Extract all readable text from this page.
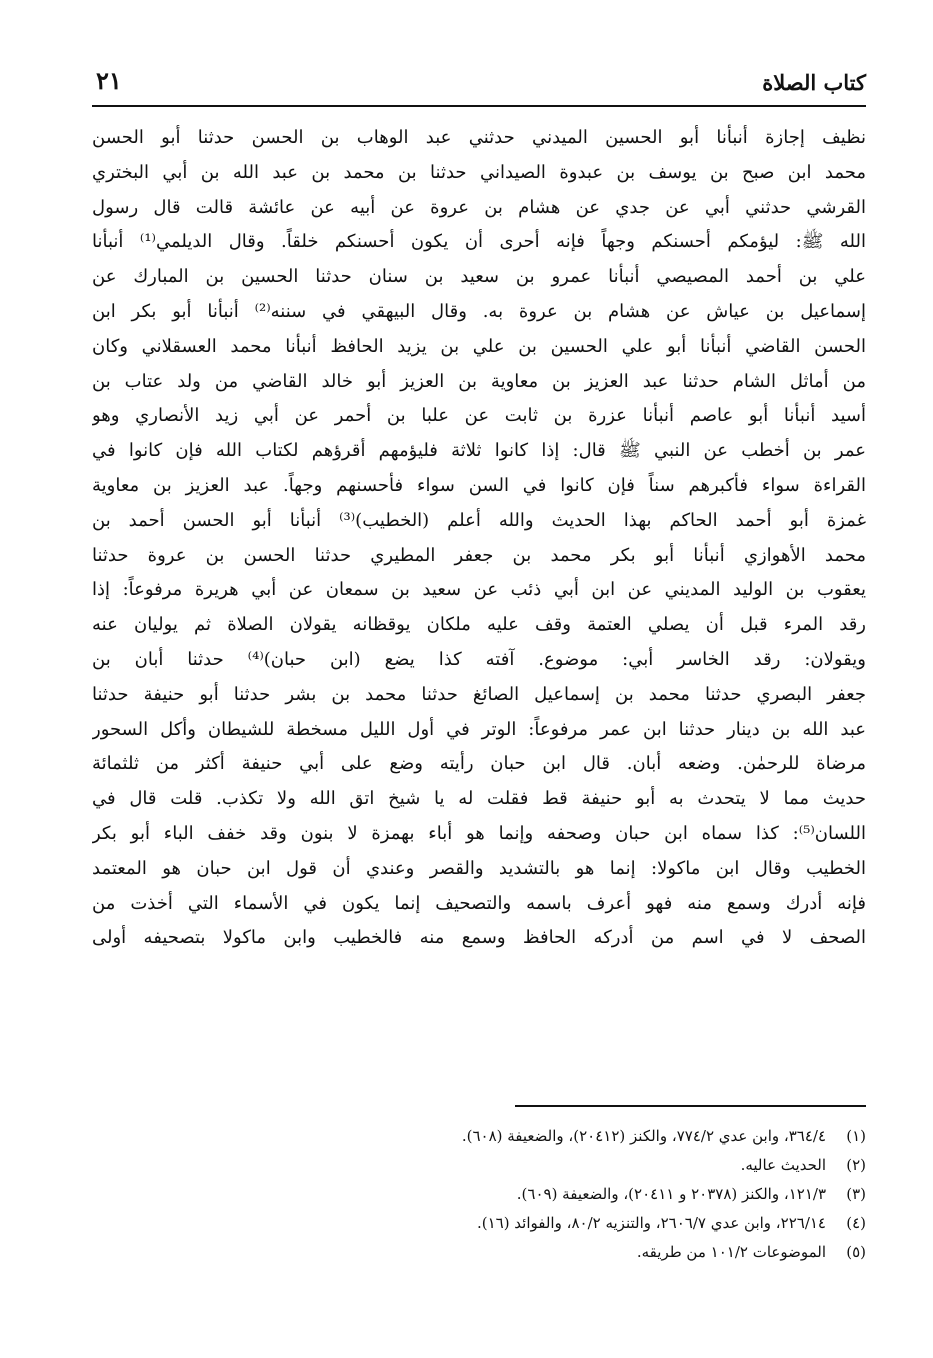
كتاب الصلاة
٢١
نظيف إجازة أنبأنا أبو الحسين الميدني حدثني عبد الوهاب بن الحسن حدثنا أبو الحسن
محمد ابن صبح بن يوسف بن عبدوة الصيداني حدثنا بن محمد بن عبد الله بن أبي البختري
القرشي حدثني أبي عن جدي عن هشام بن عروة عن أبيه عن عائشة قالت قال رسول
الله ﷺ: ليؤمكم أحسنكم وجهاً فإنه أحرى أن يكون أحسنكم خلقاً. وقال الديلمي⁽¹⁾ أنبأنا
علي بن أحمد المصيصي أنبأنا عمرو بن سعيد بن سنان حدثنا الحسين بن المبارك عن
إسماعيل بن عياش عن هشام بن عروة به. وقال البيهقي في سننه⁽²⁾ أنبأنا أبو بكر ابن
الحسن القاضي أنبأنا أبو علي الحسين بن علي بن يزيد الحافظ أنبأنا محمد العسقلاني وكان
من أماثل الشام حدثنا عبد العزيز بن معاوية بن العزيز أبو خالد القاضي من ولد عتاب بن
أسيد أنبأنا أبو عاصم أنبأنا عزرة بن ثابت عن علبا بن أحمر عن أبي زيد الأنصاري وهو
عمر بن أخطب عن النبي ﷺ قال: إذا كانوا ثلاثة فليؤمهم أقرؤهم لكتاب الله فإن كانوا في
القراءة سواء فأكبرهم سناً فإن كانوا في السن سواء فأحسنهم وجهاً. عبد العزيز بن معاوية
غمزة أبو أحمد الحاكم بهذا الحديث والله أعلم (الخطيب)⁽³⁾ أنبأنا أبو الحسن أحمد بن
محمد الأهوازي أنبأنا أبو بكر محمد بن جعفر المطيري حدثنا الحسن بن عروة حدثنا
يعقوب بن الوليد المديني عن ابن أبي ذئب عن سعيد بن سمعان عن أبي هريرة مرفوعاً: إذا
رقد المرء قبل أن يصلي العتمة وقف عليه ملكان يوقظانه يقولان الصلاة ثم يوليان عنه
ويقولان: رقد الخاسر أبي: موضوع. آفته كذا يضع (ابن حبان)⁽⁴⁾ حدثنا أبان بن
جعفر البصري حدثنا محمد بن إسماعيل الصائغ حدثنا محمد بن بشر حدثنا أبو حنيفة حدثنا
عبد الله بن دينار حدثنا ابن عمر مرفوعاً: الوتر في أول الليل مسخطة للشيطان وأكل السحور
مرضاة للرحمٰن. وضعه أبان. قال ابن حبان رأيته وضع على أبي حنيفة أكثر من ثلثمائة
حديث مما لا يتحدث به أبو حنيفة قط فقلت له يا شيخ اتق الله ولا تكذب. قلت قال في
اللسان⁽⁵⁾: كذا سماه ابن حبان وصحفه وإنما هو أباء بهمزة لا بنون وقد خفف الباء أبو بكر
الخطيب وقال ابن ماكولا: إنما هو بالتشديد والقصر وعندي أن قول ابن حبان هو المعتمد
فإنه أدرك وسمع منه فهو أعرف باسمه والتصحيف إنما يكون في الأسماء التي أخذت من
الصحف لا في اسم من أدركه الحافظ وسمع منه فالخطيب وابن ماكولا بتصحيفه أولى
(١)٣٦٤/٤، وابن عدي ٧٧٤/٢، والكنز (٢٠٤١٢)، والضعيفة (٦٠٨).
(٢)الحديث عاليه.
(٣)١٢١/٣، والكنز (٢٠٣٧٨ و ٢٠٤١١)، والضعيفة (٦٠٩).
(٤)٢٢٦/١٤، وابن عدي ٢٦٠٦/٧، والتنزيه ٨٠/٢، والفوائد (١٦).
(٥)الموضوعات ١٠١/٢ من طريقه.
